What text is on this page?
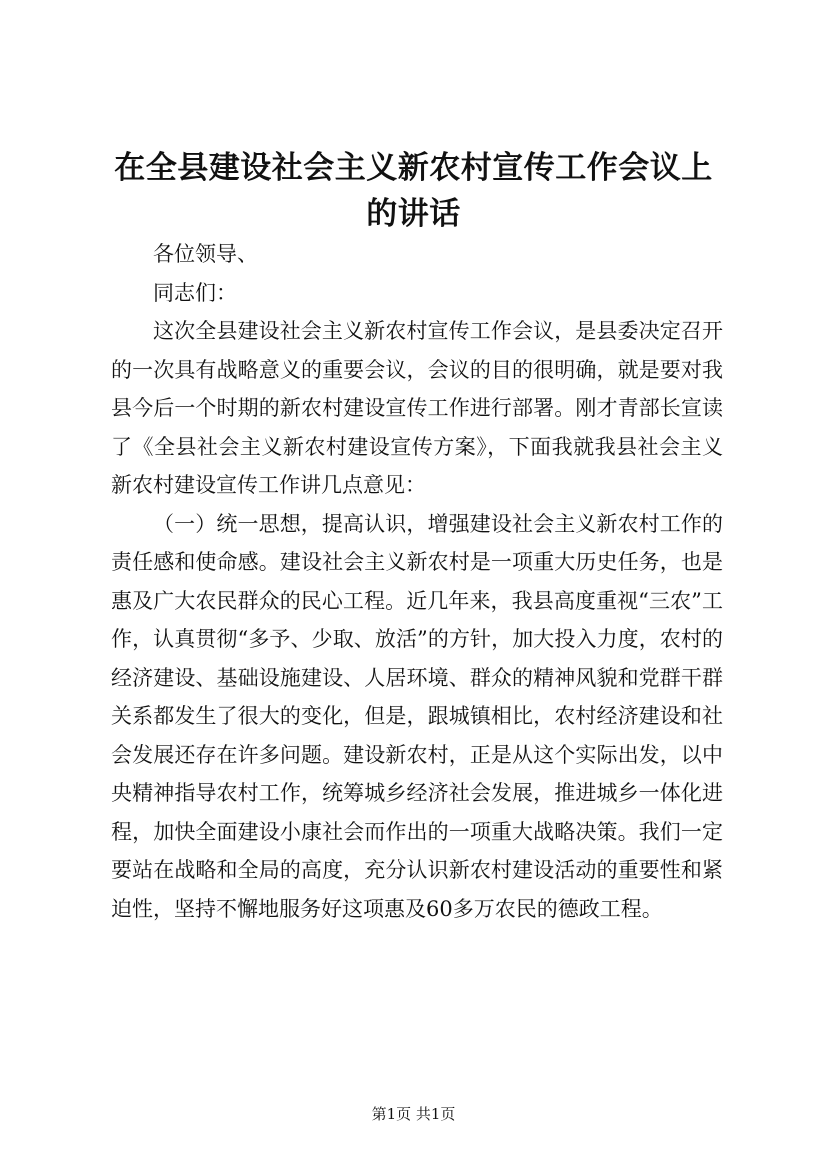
在全县建设社会主义新农村宣传工作会议上的讲话

各位领导、

同志们：

这次全县建设社会主义新农村宣传工作会议，是县委决定召开的一次具有战略意义的重要会议，会议的目的很明确，就是要对我县今后一个时期的新农村建设宣传工作进行部署。刚才青部长宣读了《全县社会主义新农村建设宣传方案》，下面我就我县社会主义新农村建设宣传工作讲几点意见：

（一）统一思想，提高认识，增强建设社会主义新农村工作的责任感和使命感。建设社会主义新农村是一项重大历史任务，也是惠及广大农民群众的民心工程。近几年来，我县高度重视“三农”工作，认真贯彻“多予、少取、放活”的方针，加大投入力度，农村的经济建设、基础设施建设、人居环境、群众的精神风貌和党群干群关系都发生了很大的变化，但是，跟城镇相比，农村经济建设和社会发展还存在许多问题。建设新农村，正是从这个实际出发，以中央精神指导农村工作，统筹城乡经济社会发展，推进城乡一体化进程，加快全面建设小康社会而作出的一项重大战略决策。我们一定要站在战略和全局的高度，充分认识新农村建设活动的重要性和紧迫性，坚持不懈地服务好这项惠及60多万农民的德政工程。

第1页 共1页
